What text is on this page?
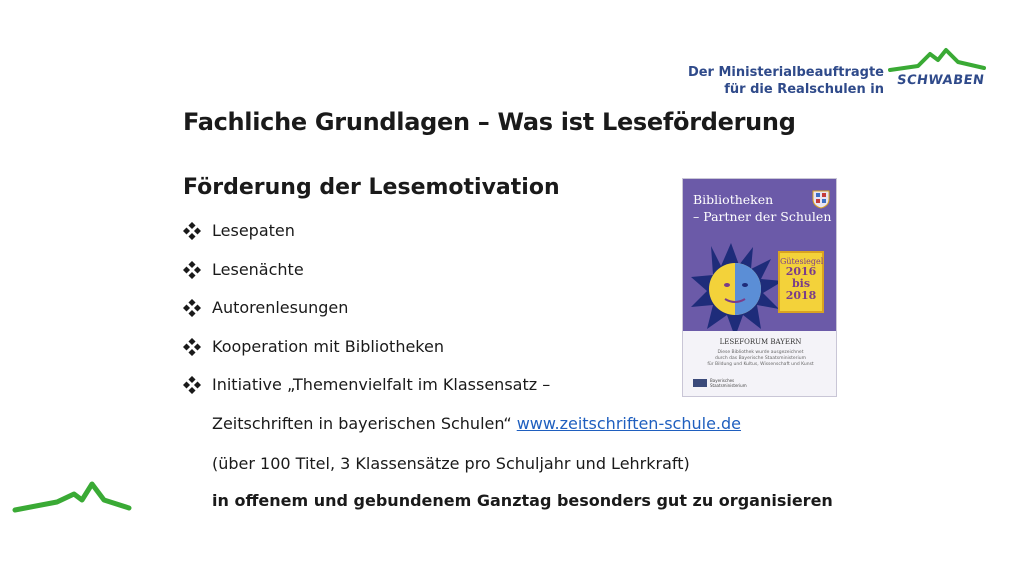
Der Ministerialbeauftragte
für die Realschulen in
SCHWABEN
Fachliche Grundlagen – Was ist Leseförderung
Förderung der Lesemotivation
Lesepaten
Lesenächte
Autorenlesungen
Kooperation mit Bibliotheken
Initiative „Themenvielfalt im Klassensatz –
Zeitschriften in bayerischen Schulen“ www.zeitschriften-schule.de
(über 100 Titel, 3 Klassensätze pro Schuljahr und Lehrkraft)
in offenem und gebundenem Ganztag besonders gut zu organisieren
Bibliotheken
– Partner der Schulen
Gütesiegel
2016
bis
2018
LESEFORUM BAYERN
Diese Bibliothek wurde ausgezeichnet
durch das Bayerische Staatsministerium
für Bildung und Kultus, Wissenschaft und Kunst
Bayerisches
Staatsministerium
